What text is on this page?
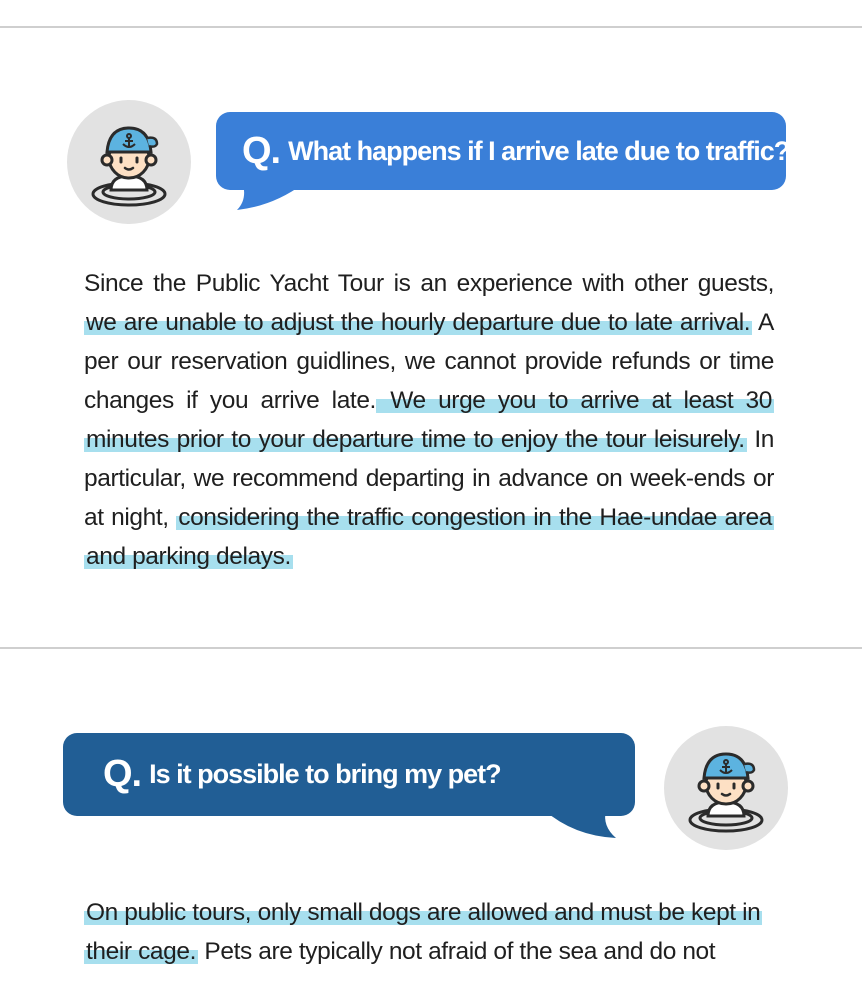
Q. What happens if I arrive late due to traffic?
Since the Public Yacht Tour is an experience with other guests, we are unable to adjust the hourly departure due to late arrival. A per our reservation guidlines, we cannot provide refunds or time changes if you arrive late. We urge you to arrive at least 30 minutes prior to your departure time to enjoy the tour leisurely. In particular, we recommend departing in advance on week-ends or at night, considering the traffic congestion in the Hae-undae area and parking delays.
Q. Is it possible to bring my pet?
On public tours, only small dogs are allowed and must be kept in their cage. Pets are typically not afraid of the sea and do not
